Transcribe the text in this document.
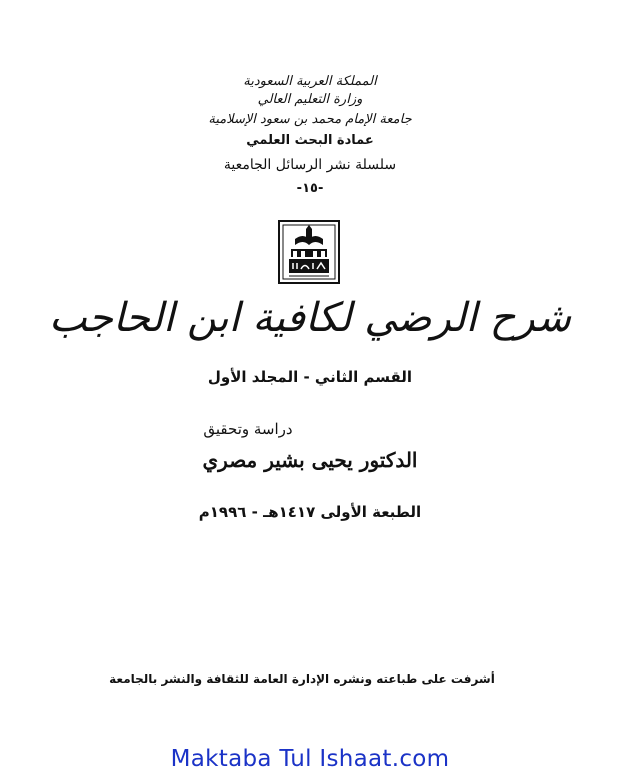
المملكة العربية السعودية
وزارة التعليم العالي
جامعة الإمام محمد بن سعود الإسلامية
عمادة البحث العلمي
سلسلة نشر الرسائل الجامعية
-١٥-
شرح الرضي لكافية ابن الحاجب
القسم الثاني - المجلد الأول
دراسة وتحقيق
الدكتور يحيى بشير مصري
الطبعة الأولى ١٤١٧هـ - ١٩٩٦م
أشرفت على طباعته ونشره الإدارة العامة للثقافة والنشر بالجامعة
Maktaba Tul Ishaat.com
